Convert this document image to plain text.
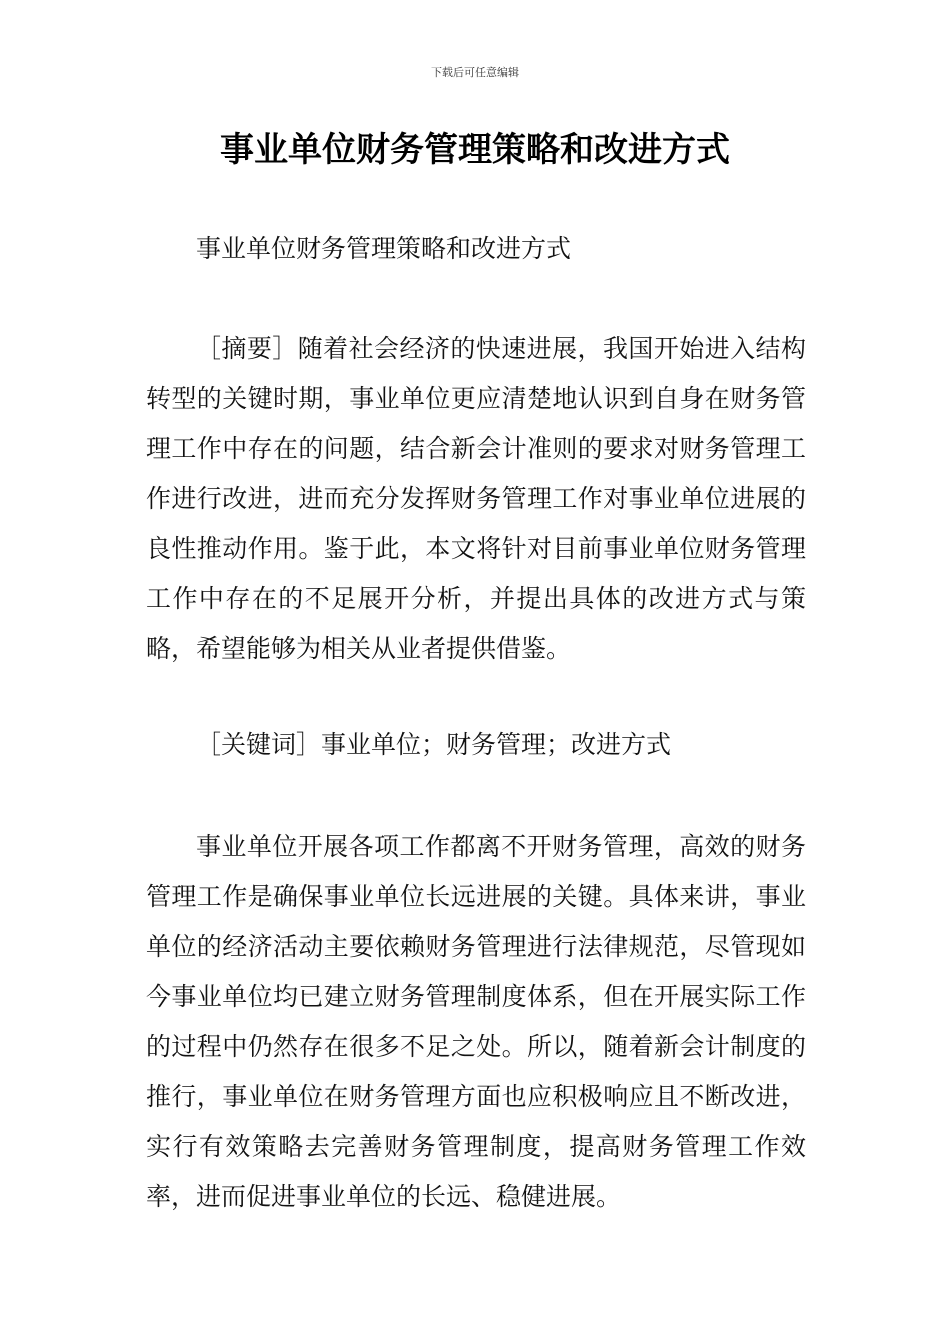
下载后可任意编辑
事业单位财务管理策略和改进方式

事业单位财务管理策略和改进方式

［摘要］随着社会经济的快速进展，我国开始进入结构转型的关键时期，事业单位更应清楚地认识到自身在财务管理工作中存在的问题，结合新会计准则的要求对财务管理工作进行改进，进而充分发挥财务管理工作对事业单位进展的良性推动作用。鉴于此，本文将针对目前事业单位财务管理工作中存在的不足展开分析，并提出具体的改进方式与策略，希望能够为相关从业者提供借鉴。

［关键词］事业单位；财务管理；改进方式

事业单位开展各项工作都离不开财务管理，高效的财务管理工作是确保事业单位长远进展的关键。具体来讲，事业单位的经济活动主要依赖财务管理进行法律规范，尽管现如今事业单位均已建立财务管理制度体系，但在开展实际工作的过程中仍然存在很多不足之处。所以，随着新会计制度的推行，事业单位在财务管理方面也应积极响应且不断改进，实行有效策略去完善财务管理制度，提高财务管理工作效率，进而促进事业单位的长远、稳健进展。
